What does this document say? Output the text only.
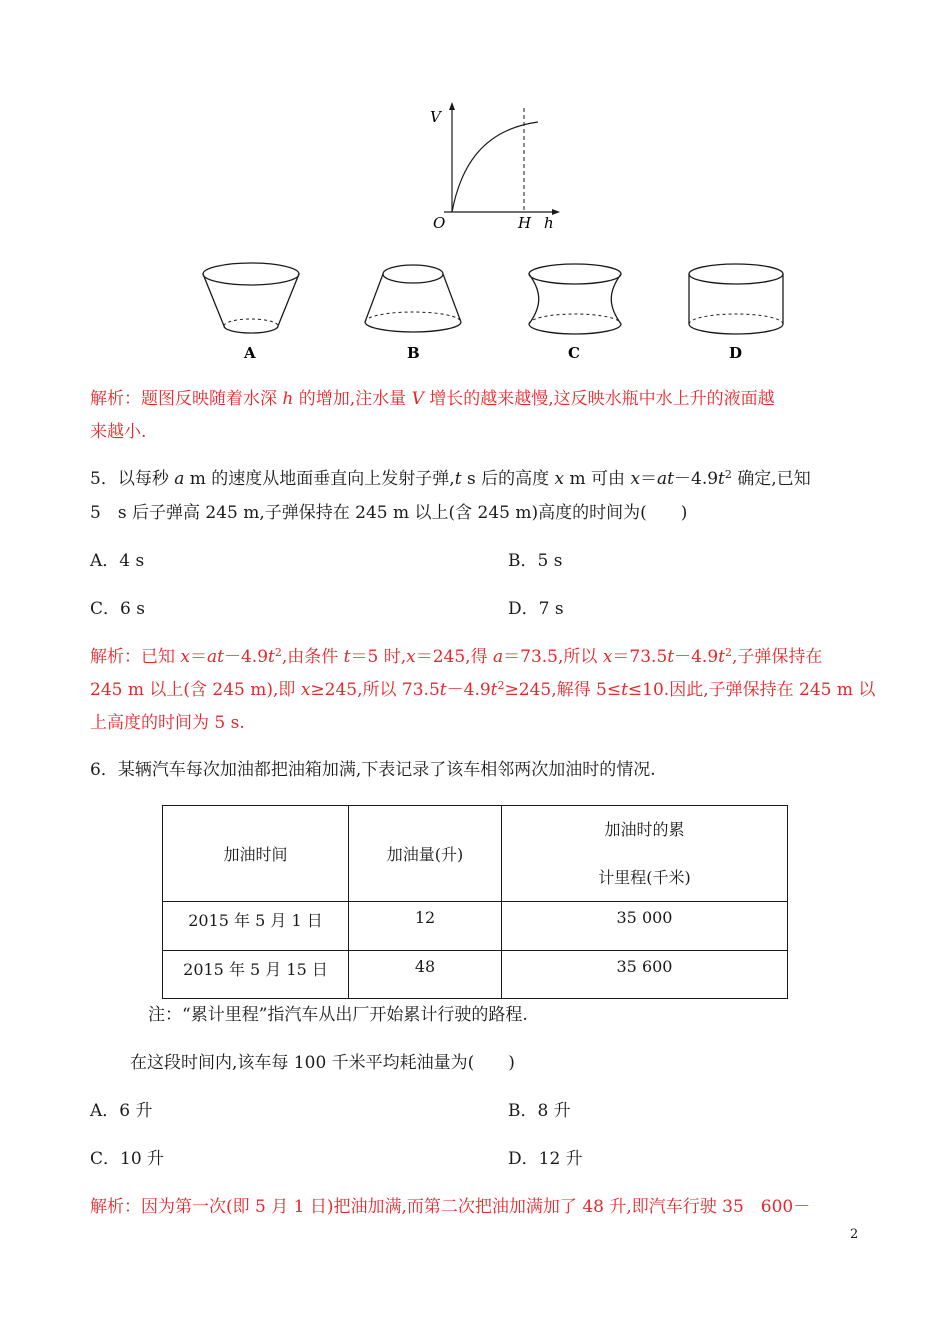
V
O	H h
A	B	C	D
解析：题图反映随着水深 h 的增加,注水量 V 增长的越来越慢,这反映水瓶中水上升的液面越
来越小.
5．以每秒 a m 的速度从地面垂直向上发射子弹,t s 后的高度 x m 可由 $x=at-4.9t^2$ 确定,已知
5　s 后子弹高 245 m,子弹保持在 245 m 以上(含 245 m)高度的时间为(　　)
A．4 s	B．5 s
C．6 s	D．7 s
解析：已知 $x=at-4.9t^2$,由条件 t＝5 时,x＝245,得 a＝73.5,所以 $x=73.5t-4.9t^2$,子弹保持在
245 m 以上(含 245 m),即 x≥245,所以 $73.5t-4.9t^2\ge 245$,解得 5≤t≤10.因此,子弹保持在 245 m 以
上高度的时间为 5 s.
6．某辆汽车每次加油都把油箱加满,下表记录了该车相邻两次加油时的情况.
加油时间	加油量(升)	加油时的累
计里程(千米)

2015 年 5 月 1 日	12	35 000
2015 年 5 月 15 日	48	35 600
注：“累计里程”指汽车从出厂开始累计行驶的路程.
在这段时间内,该车每 100 千米平均耗油量为(　　)
A．6 升	B．8 升
C．10 升	D．12 升
解析：因为第一次(即 5 月 1 日)把油加满,而第二次把油加满加了 48 升,即汽车行驶 35　600－
2
